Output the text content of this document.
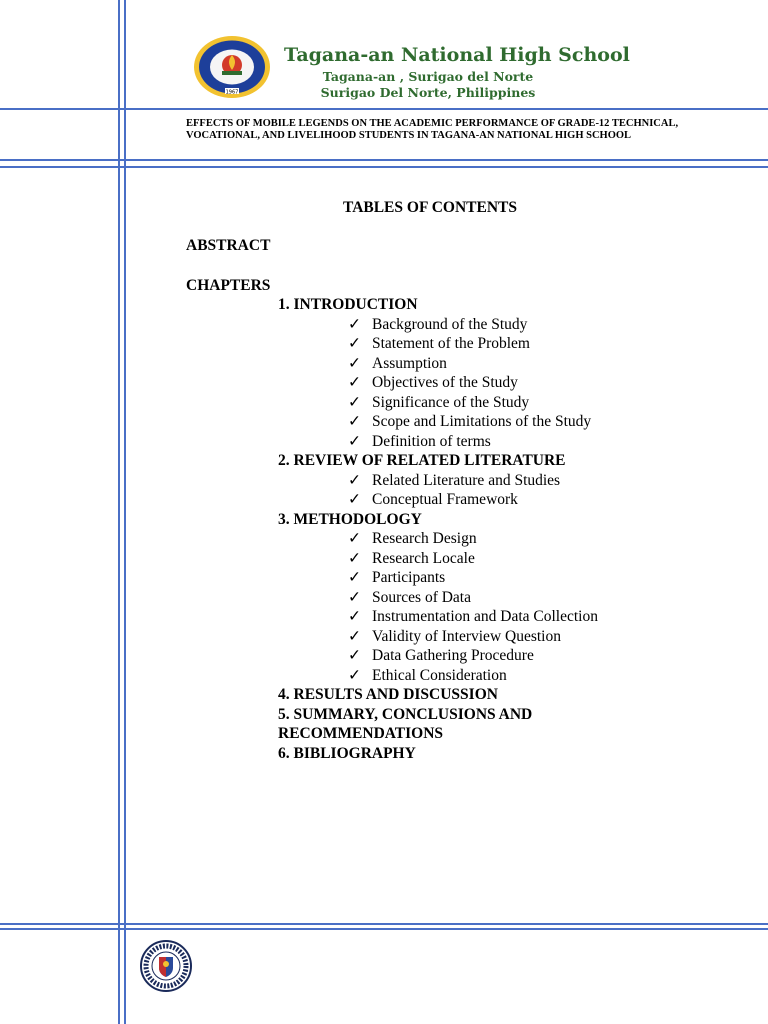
1967
Tagana-an National High School
Tagana-an , Surigao del Norte
Surigao Del Norte, Philippines
EFFECTS OF MOBILE LEGENDS ON THE ACADEMIC PERFORMANCE OF GRADE-12 TECHNICAL, VOCATIONAL, AND LIVELIHOOD STUDENTS IN TAGANA-AN NATIONAL HIGH SCHOOL
TABLES OF CONTENTS
ABSTRACT
CHAPTERS
1. INTRODUCTION
✓ Background of the Study
✓ Statement of the Problem
✓ Assumption
✓ Objectives of the Study
✓ Significance of the Study
✓ Scope and Limitations of the Study
✓ Definition of terms
2. REVIEW OF RELATED LITERATURE
✓ Related Literature and Studies
✓ Conceptual Framework
3. METHODOLOGY
✓ Research Design
✓ Research Locale
✓ Participants
✓ Sources of Data
✓ Instrumentation and Data Collection
✓ Validity of Interview Question
✓ Data Gathering Procedure
✓ Ethical Consideration
4. RESULTS AND DISCUSSION
5. SUMMARY, CONCLUSIONS AND
RECOMMENDATIONS
6. BIBLIOGRAPHY
